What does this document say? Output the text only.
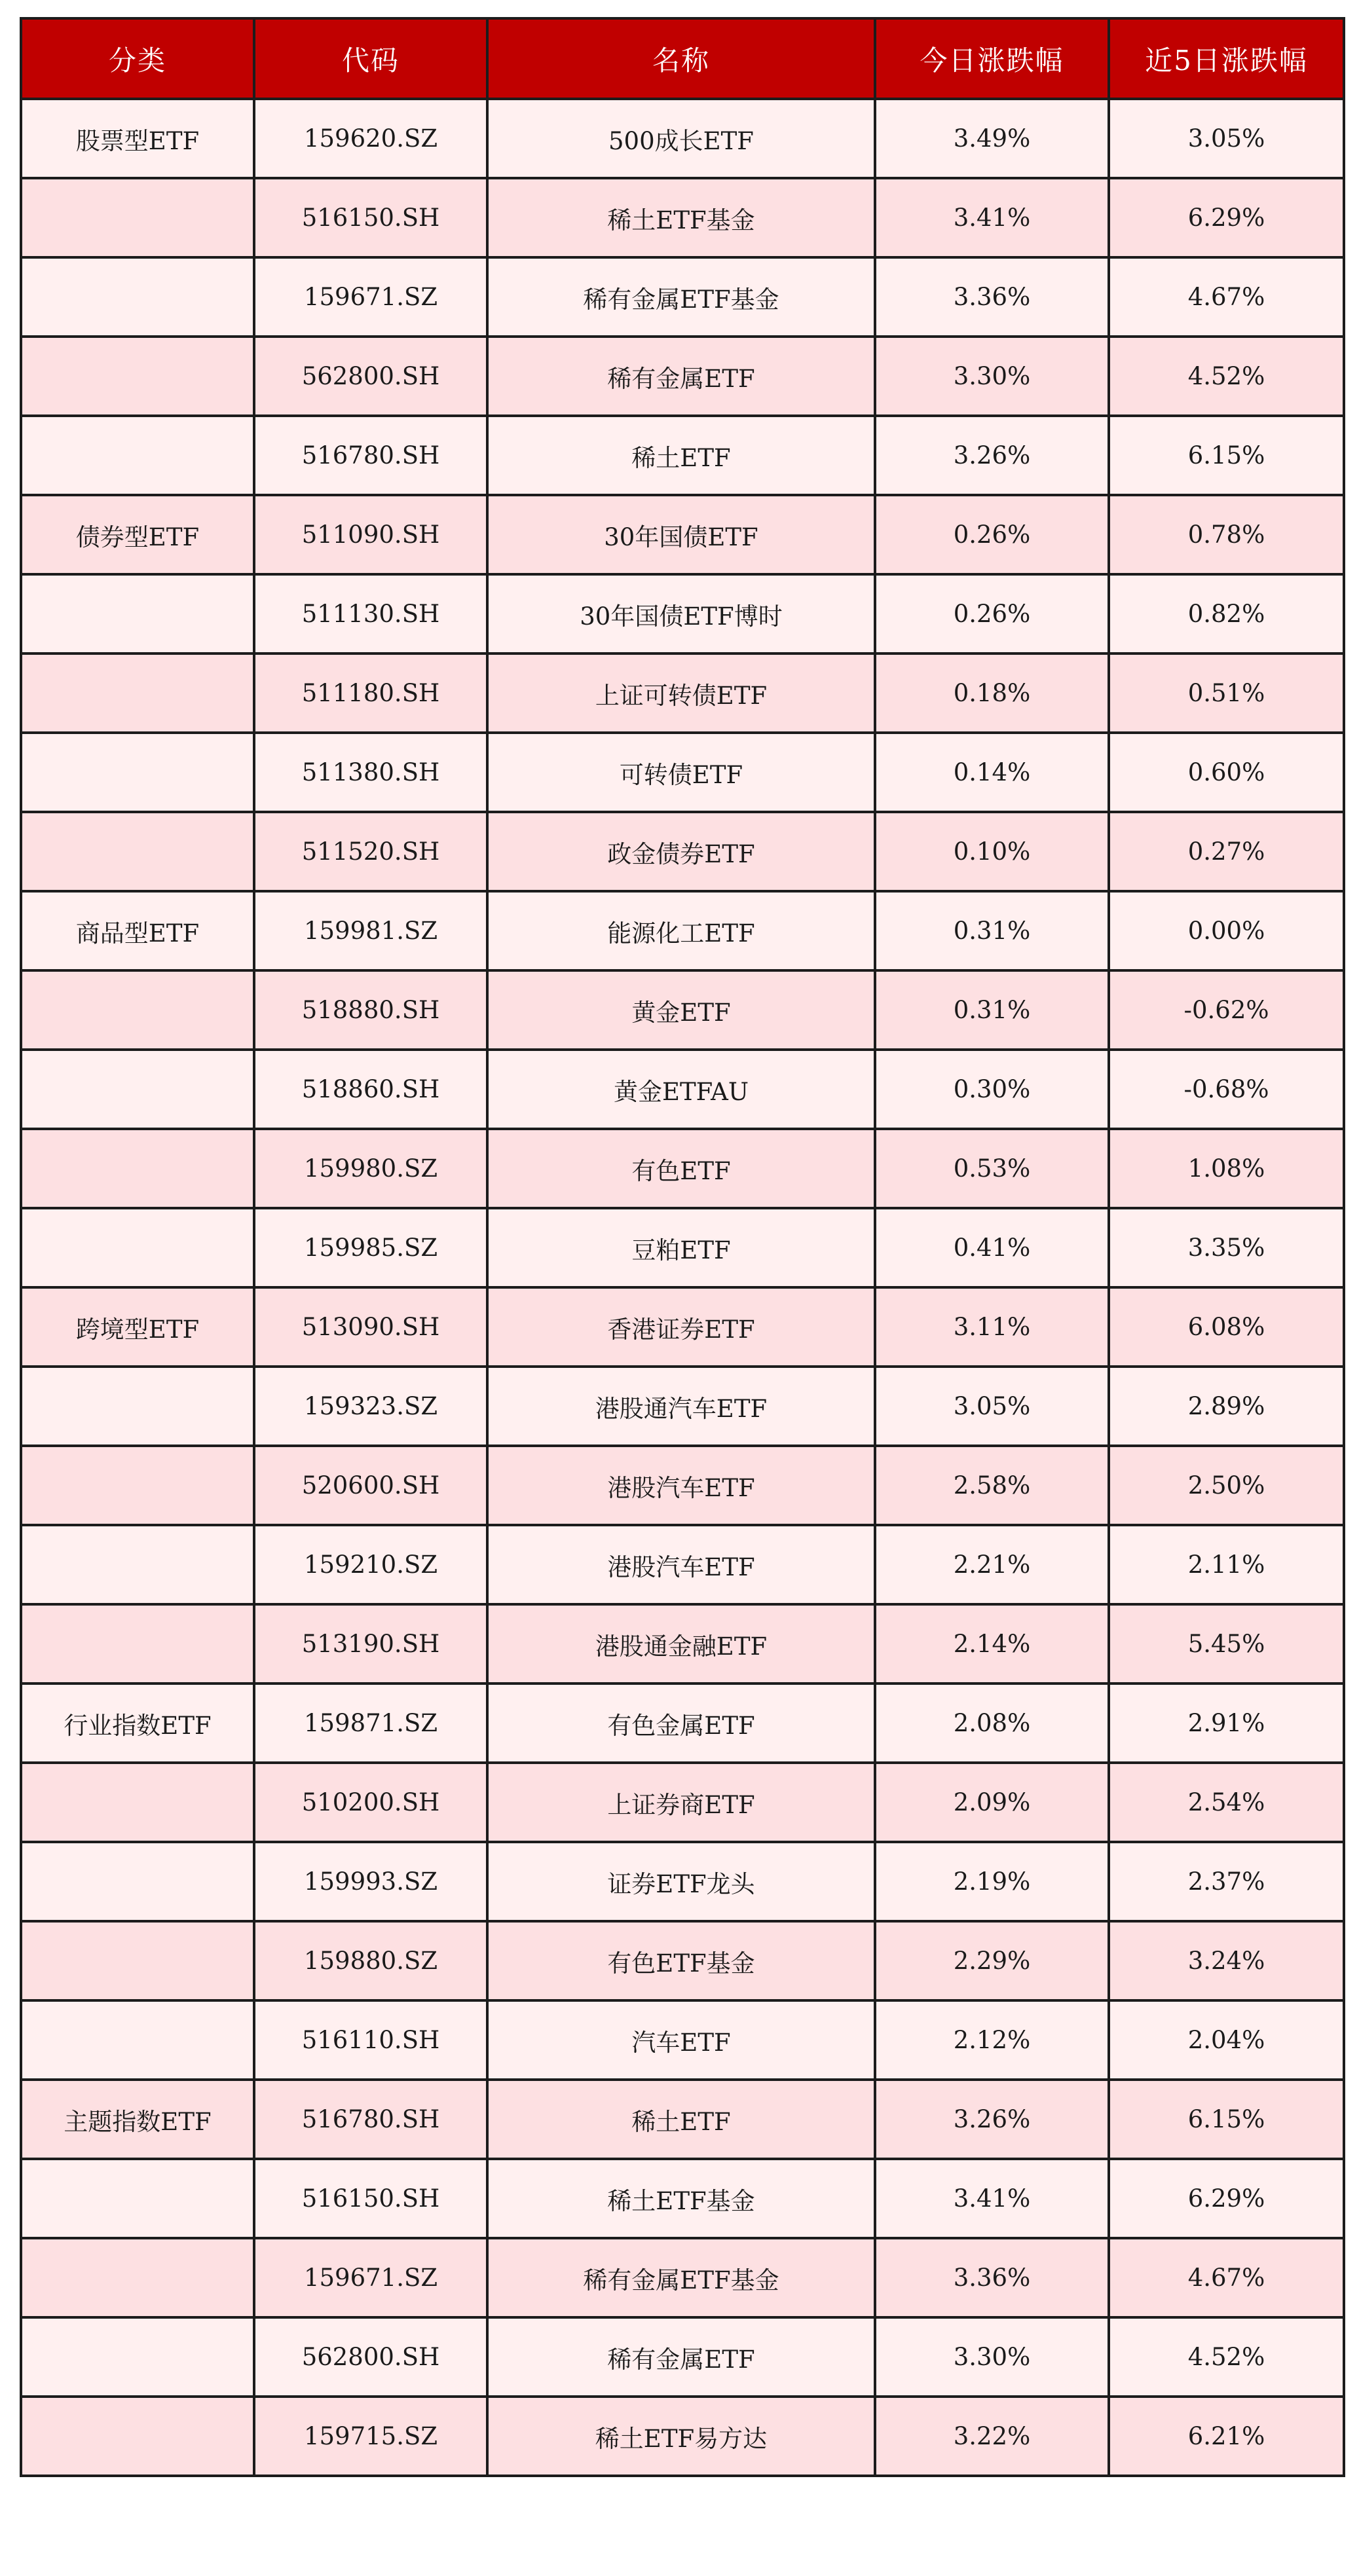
分类	代码	名称	今日涨跌幅	近5日涨跌幅
股票型ETF	159620.SZ	500成长ETF	3.49%	3.05%
	516150.SH	稀土ETF基金	3.41%	6.29%
	159671.SZ	稀有金属ETF基金	3.36%	4.67%
	562800.SH	稀有金属ETF	3.30%	4.52%
	516780.SH	稀土ETF	3.26%	6.15%
债券型ETF	511090.SH	30年国债ETF	0.26%	0.78%
	511130.SH	30年国债ETF博时	0.26%	0.82%
	511180.SH	上证可转债ETF	0.18%	0.51%
	511380.SH	可转债ETF	0.14%	0.60%
	511520.SH	政金债券ETF	0.10%	0.27%
商品型ETF	159981.SZ	能源化工ETF	0.31%	0.00%
	518880.SH	黄金ETF	0.31%	-0.62%
	518860.SH	黄金ETFAU	0.30%	-0.68%
	159980.SZ	有色ETF	0.53%	1.08%
	159985.SZ	豆粕ETF	0.41%	3.35%
跨境型ETF	513090.SH	香港证券ETF	3.11%	6.08%
	159323.SZ	港股通汽车ETF	3.05%	2.89%
	520600.SH	港股汽车ETF	2.58%	2.50%
	159210.SZ	港股汽车ETF	2.21%	2.11%
	513190.SH	港股通金融ETF	2.14%	5.45%
行业指数ETF	159871.SZ	有色金属ETF	2.08%	2.91%
	510200.SH	上证券商ETF	2.09%	2.54%
	159993.SZ	证券ETF龙头	2.19%	2.37%
	159880.SZ	有色ETF基金	2.29%	3.24%
	516110.SH	汽车ETF	2.12%	2.04%
主题指数ETF	516780.SH	稀土ETF	3.26%	6.15%
	516150.SH	稀土ETF基金	3.41%	6.29%
	159671.SZ	稀有金属ETF基金	3.36%	4.67%
	562800.SH	稀有金属ETF	3.30%	4.52%
	159715.SZ	稀土ETF易方达	3.22%	6.21%
